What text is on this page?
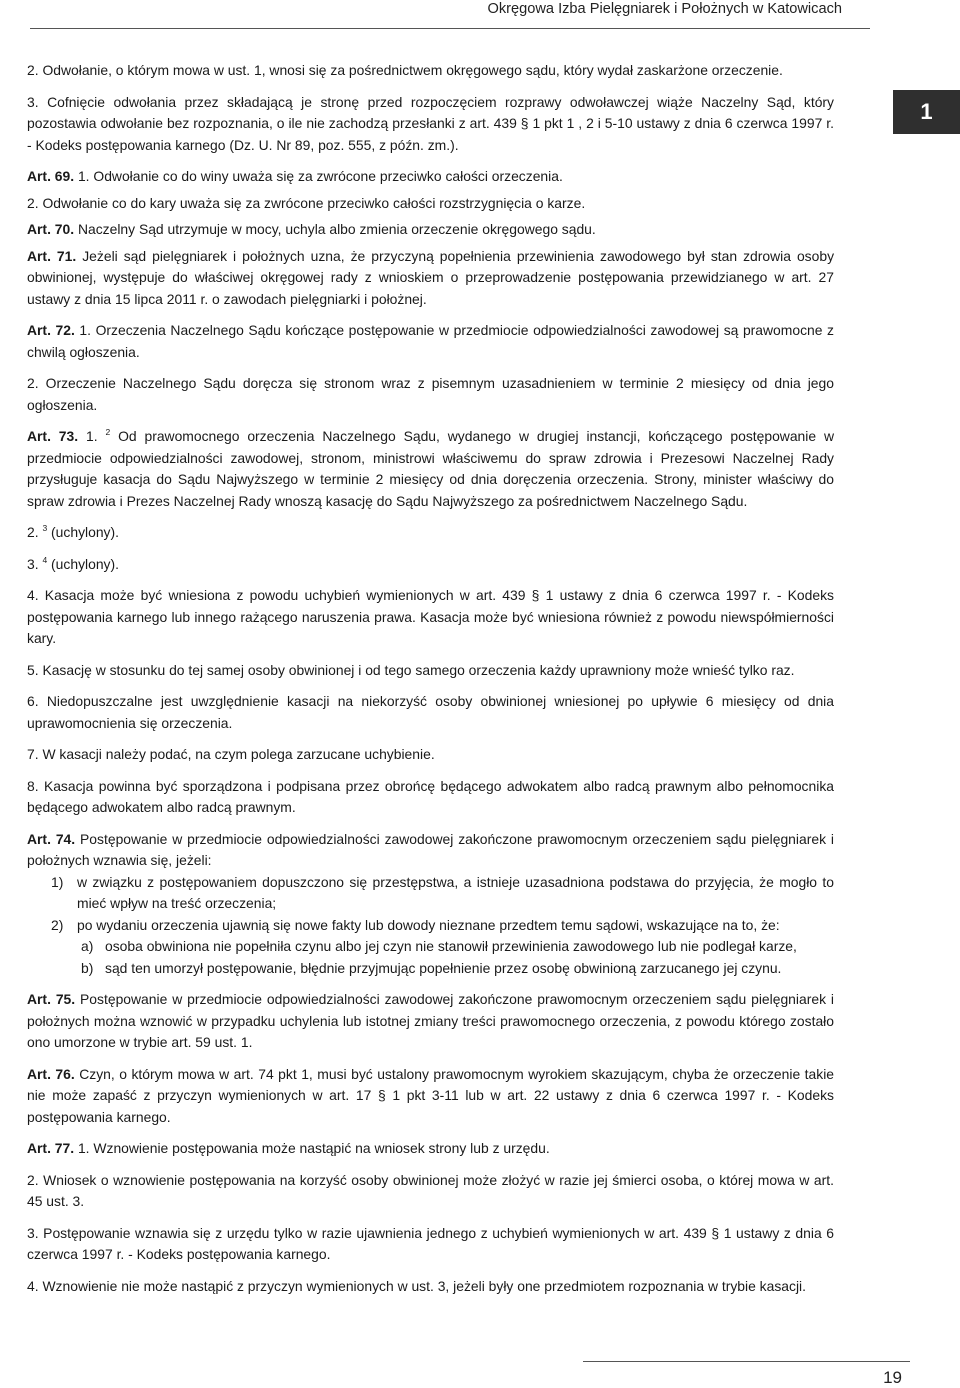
Okręgowa Izba Pielęgniarek i Położnych w Katowicach
1

2. Odwołanie, o którym mowa w ust. 1, wnosi się za pośrednictwem okręgowego sądu, który wydał zaskarżone orzeczenie.

3. Cofnięcie odwołania przez składającą je stronę przed rozpoczęciem rozprawy odwoławczej wiąże Naczelny Sąd, który pozostawia odwołanie bez rozpoznania, o ile nie zachodzą przesłanki z art. 439 § 1 pkt 1 , 2 i 5-10 ustawy z dnia 6 czerwca 1997 r. - Kodeks postępowania karnego (Dz. U. Nr 89, poz. 555, z późn. zm.).

Art. 69. 1. Odwołanie co do winy uważa się za zwrócone przeciwko całości orzeczenia.

2. Odwołanie co do kary uważa się za zwrócone przeciwko całości rozstrzygnięcia o karze.

Art. 70. Naczelny Sąd utrzymuje w mocy, uchyla albo zmienia orzeczenie okręgowego sądu.

Art. 71. Jeżeli sąd pielęgniarek i położnych uzna, że przyczyną popełnienia przewinienia zawodowego był stan zdrowia osoby obwinionej, występuje do właściwej okręgowej rady z wnioskiem o przeprowadzenie postępowania przewidzianego w art. 27 ustawy z dnia 15 lipca 2011 r. o zawodach pielęgniarki i położnej.

Art. 72. 1. Orzeczenia Naczelnego Sądu kończące postępowanie w przedmiocie odpowiedzialności zawodowej są prawomocne z chwilą ogłoszenia.

2. Orzeczenie Naczelnego Sądu doręcza się stronom wraz z pisemnym uzasadnieniem w terminie 2 miesięcy od dnia jego ogłoszenia.

Art. 73. 1. $^2$ Od prawomocnego orzeczenia Naczelnego Sądu, wydanego w drugiej instancji, kończącego postępowanie w przedmiocie odpowiedzialności zawodowej, stronom, ministrowi właściwemu do spraw zdrowia i Prezesowi Naczelnej Rady przysługuje kasacja do Sądu Najwyższego w terminie 2 miesięcy od dnia doręczenia orzeczenia. Strony, minister właściwy do spraw zdrowia i Prezes Naczelnej Rady wnoszą kasację do Sądu Najwyższego za pośrednictwem Naczelnego Sądu.

2. $^3$ (uchylony).

3. $^4$ (uchylony).

4. Kasacja może być wniesiona z powodu uchybień wymienionych w art. 439 § 1 ustawy z dnia 6 czerwca 1997 r. - Kodeks postępowania karnego lub innego rażącego naruszenia prawa. Kasacja może być wniesiona również z powodu niewspółmierności kary.

5. Kasację w stosunku do tej samej osoby obwinionej i od tego samego orzeczenia każdy uprawniony może wnieść tylko raz.

6. Niedopuszczalne jest uwzględnienie kasacji na niekorzyść osoby obwinionej wniesionej po upływie 6 miesięcy od dnia uprawomocnienia się orzeczenia.

7. W kasacji należy podać, na czym polega zarzucane uchybienie.

8. Kasacja powinna być sporządzona i podpisana przez obrońcę będącego adwokatem albo radcą prawnym albo pełnomocnika będącego adwokatem albo radcą prawnym.

Art. 74. Postępowanie w przedmiocie odpowiedzialności zawodowej zakończone prawomocnym orzeczeniem sądu pielęgniarek i położnych wznawia się, jeżeli:

1) w związku z postępowaniem dopuszczono się przestępstwa, a istnieje uzasadniona podstawa do przyjęcia, że mogło to mieć wpływ na treść orzeczenia;
2) po wydaniu orzeczenia ujawnią się nowe fakty lub dowody nieznane przedtem temu sądowi, wskazujące na to, że:
a) osoba obwiniona nie popełniła czynu albo jej czyn nie stanowił przewinienia zawodowego lub nie podlegał karze,
b) sąd ten umorzył postępowanie, błędnie przyjmując popełnienie przez osobę obwinioną zarzucanego jej czynu.

Art. 75. Postępowanie w przedmiocie odpowiedzialności zawodowej zakończone prawomocnym orzeczeniem sądu pielęgniarek i położnych można wznowić w przypadku uchylenia lub istotnej zmiany treści prawomocnego orzeczenia, z powodu którego zostało ono umorzone w trybie art. 59 ust. 1.

Art. 76. Czyn, o którym mowa w art. 74 pkt 1, musi być ustalony prawomocnym wyrokiem skazującym, chyba że orzeczenie takie nie może zapaść z przyczyn wymienionych w art. 17 § 1 pkt 3-11 lub w art. 22 ustawy z dnia 6 czerwca 1997 r. - Kodeks postępowania karnego.

Art. 77. 1. Wznowienie postępowania może nastąpić na wniosek strony lub z urzędu.

2. Wniosek o wznowienie postępowania na korzyść osoby obwinionej może złożyć w razie jej śmierci osoba, o której mowa w art. 45 ust. 3.

3. Postępowanie wznawia się z urzędu tylko w razie ujawnienia jednego z uchybień wymienionych w art. 439 § 1 ustawy z dnia 6 czerwca 1997 r. - Kodeks postępowania karnego.

4. Wznowienie nie może nastąpić z przyczyn wymienionych w ust. 3, jeżeli były one przedmiotem rozpoznania w trybie kasacji.

19
